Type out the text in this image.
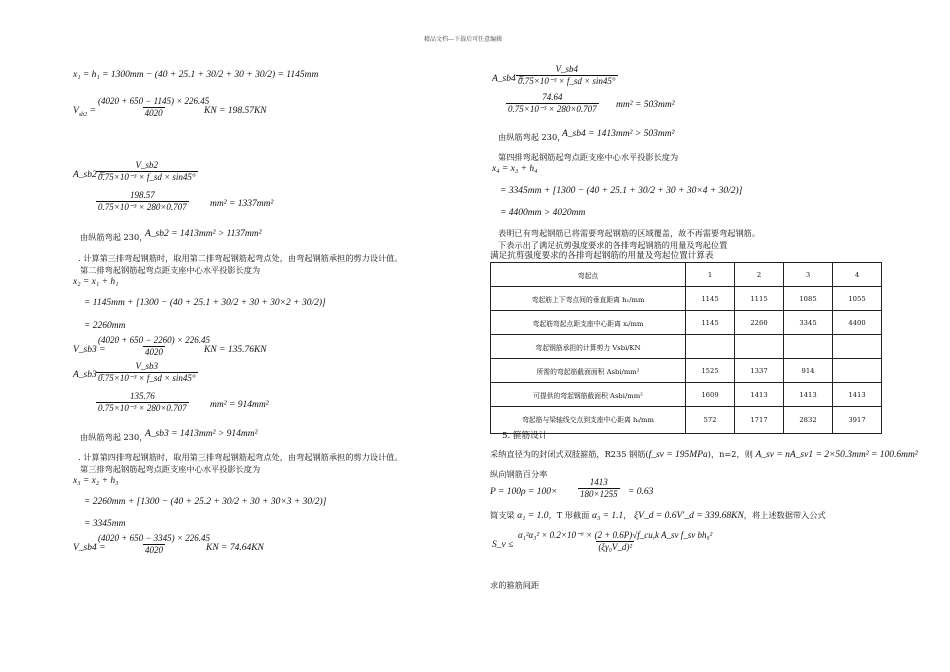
精品文档---下载后可任意编辑
x₁ = h₁ = 1300mm − (40 + 25.1 + 30/2 + 30 + 30/2) = 1145mm
$V_{sb2} = \frac{(4020 + 650 - 1145) \times 226.45}{4020}$
KN = 198.57KN
A_sb2 =
$\frac{V\_sb2}{\text{0.75×10⁻³ × f\_sd × sin45°}}$
$\frac{198.57}{\text{0.75×10⁻³ × 280×0.707}} mm^2 = 1337mm^2$
由纵筋弯起 230，
A_sb2 = 1413mm² > 1137mm²
. 计算第三排弯起钢筋时，取用第二排弯起钢筋起弯点处，由弯起钢筋承担的剪力设计值。
第二排弯起钢筋起弯点距支座中心水平投影长度为
x₂ = x₁ + h₁
= 1145mm + [1300 − (40 + 25.1 + 30/2 + 30 + 30×2 + 30/2)]
= 2260mm
V_sb3 =
$\frac{(4020 + 650 - 2260) \times 226.45}{4020}$
KN = 135.76KN
A_sb3 =
$\frac{V\_sb3}{\text{0.75×10⁻³ × f\_sd × sin45°}}$
$\frac{135.76}{\text{0.75×10⁻³ × 280×0.707}} mm^2 = 914mm^2$
由纵筋弯起 230，
A_sb3 = 1413mm² > 914mm²
. 计算第四排弯起钢筋时，取用第三排弯起钢筋起弯点处，由弯起钢筋承担的剪力设计值。
第三排弯起钢筋起弯点距支座中心水平投影长度为
x₃ = x₂ + h₃
= 2260mm + [1300 − (40 + 25.2 + 30/2 + 30 + 30×3 + 30/2)]
= 3345mm
V_sb4 =
$\frac{(4020 + 650 - 3345) \times 226.45}{4020}$
KN = 74.64KN
A_sb4 =
$\frac{V\_sb4}{\text{0.75×10⁻³ × f\_sd × sin45°}}$
$\frac{74.64}{\text{0.75×10⁻³ × 280×0.707}} mm^2 = 503mm^2$
由纵筋弯起 230，
A_sb4 = 1413mm² > 503mm²
第四排弯起钢筋起弯点距支座中心水平投影长度为
x₄ = x₃ + h₄
= 3345mm + [1300 − (40 + 25.1 + 30/2 + 30 + 30×4 + 30/2)]
= 4400mm > 4020mm
表明已有弯起钢筋已将需要弯起钢筋的区域覆盖，故不再需要弯起钢筋。
下表示出了满足抗剪强度要求的各排弯起钢筋的用量及弯起位置
满足抗剪强度要求的各排弯起钢筋的用量及弯起位置计算表
弯起点	1	2	3	4
弯起筋上下弯点间的垂直距离 h₁/mm	1145	1115	1085	1055
弯起筋弯起点距支座中心距离 xᵢ/mm	1145	2260	3345	4400
弯起钢筋承担的计算剪力 Vsbi/KN				
所需的弯起筋截面面积 Asbi/mm²	1525	1337	914	
可提供的弯起钢筋截面积 Asbi/mm²	1609	1413	1413	1413
弯起筋与梁轴线交点到支座中心距离 hᵢ/mm	572	1717	2832	3917
5. 箍筋设计
采纳直径为的封闭式双肢箍筋，R235 钢筋(f_sv = 195MPa)，n=2，则 A_sv = nA_sv1 = 2×50.3mm² = 100.6mm²
纵向钢筋百分率
$P = 100\rho = 100\times \frac{1413}{180\times 1255} = 0.63$
简支梁 α₁ = 1.0，T 形截面 α₃ = 1.1， ξV_d = 0.6V'_d = 339.68KN，将上述数据带入公式
S_v ≤ $\frac{\text{α₁²α₃² × 0.2×10⁻⁶ × (2 + 0.6P)√f\_cu,k A\_sv f\_sv bh₀²}}{\text{(ξγ₀V\_d)²}}$
求的箍筋间距
